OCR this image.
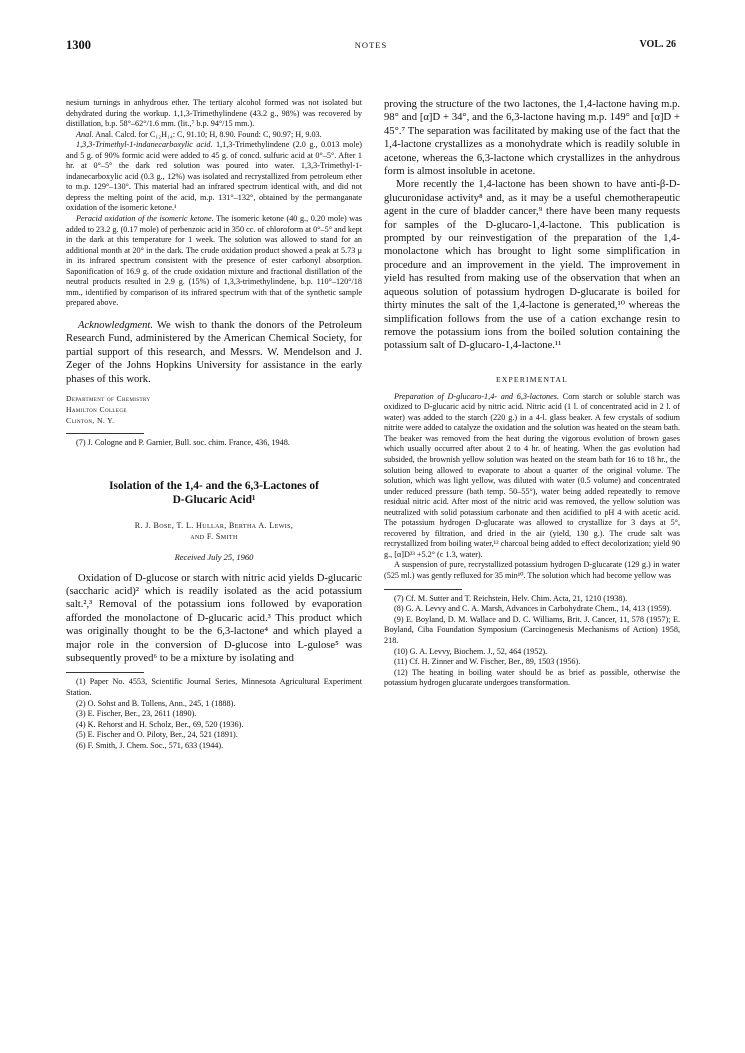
1300	NOTES	VOL. 26

nesium turnings in anhydrous ether. The tertiary alcohol formed was not isolated but dehydrated during the workup. 1,1,3-Trimethylindene (43.2 g., 98%) was recovered by distillation, b.p. 58°–62°/1.6 mm. (lit.,⁷ b.p. 94°/15 mm.).

Anal. Anal. Calcd. for C₁₂H₁₄: C, 91.10; H, 8.90. Found: C, 90.97; H, 9.03.

1,3,3-Trimethyl-1-indanecarboxylic acid. 1,1,3-Trimethylindene (2.0 g., 0.013 mole) and 5 g. of 90% formic acid were added to 45 g. of concd. sulfuric acid at 0°–5°. After 1 hr. at 0°–5° the dark red solution was poured into water. 1,3,3-Trimethyl-1-indanecarboxylic acid (0.3 g., 12%) was isolated and recrystallized from petroleum ether to m.p. 129°–130°. This material had an infrared spectrum identical with, and did not depress the melting point of the acid, m.p. 131°–132°, obtained by the permanganate oxidation of the isomeric ketone.¹

Peracid oxidation of the isomeric ketone. The isomeric ketone (40 g., 0.20 mole) was added to 23.2 g. (0.17 mole) of perbenzoic acid in 350 cc. of chloroform at 0°–5° and kept in the dark at this temperature for 1 week. The solution was allowed to stand for an additional month at 20° in the dark. The crude oxidation product showed a peak at 5.73 μ in its infrared spectrum consistent with the presence of ester carbonyl absorption. Saponification of 16.9 g. of the crude oxidation mixture and fractional distillation of the neutral products resulted in 2.9 g. (15%) of 1,3,3-trimethylindene, b.p. 110°–120°/18 mm., identified by comparison of its infrared spectrum with that of the synthetic sample prepared above.

Acknowledgment. We wish to thank the donors of the Petroleum Research Fund, administered by the American Chemical Society, for partial support of this research, and Messrs. W. Mendelson and J. Zeger of the Johns Hopkins University for assistance in the early phases of this work.

Department of Chemistry
Hamilton College
Clinton, N. Y.

(7) J. Cologne and P. Garnier, Bull. soc. chim. France, 436, 1948.

Isolation of the 1,4- and the 6,3-Lactones of
D-Glucaric Acid¹
R. J. Bose, T. L. Hullar, Bertha A. Lewis,
and F. Smith
Received July 25, 1960

Oxidation of D-glucose or starch with nitric acid yields D-glucaric (saccharic acid)² which is readily isolated as the acid potassium salt.²,³ Removal of the potassium ions followed by evaporation afforded the monolactone of D-glucaric acid.³ This product which was originally thought to be the 6,3-lactone⁴ and which played a major role in the conversion of D-glucose into L-gulose⁵ was subsequently proved⁶ to be a mixture by isolating and

(1) Paper No. 4553, Scientific Journal Series, Minnesota Agricultural Experiment Station.

(2) O. Sohst and B. Tollens, Ann., 245, 1 (1888).

(3) E. Fischer, Ber., 23, 2611 (1890).

(4) K. Rehorst and H. Scholz, Ber., 69, 520 (1936).

(5) E. Fischer and O. Piloty, Ber., 24, 521 (1891).

(6) F. Smith, J. Chem. Soc., 571, 633 (1944).

proving the structure of the two lactones, the 1,4-lactone having m.p. 98° and [α]D + 34°, and the 6,3-lactone having m.p. 149° and [α]D + 45°.⁷ The separation was facilitated by making use of the fact that the 1,4-lactone crystallizes as a monohydrate which is readily soluble in acetone, whereas the 6,3-lactone which crystallizes in the anhydrous form is almost insoluble in acetone.

More recently the 1,4-lactone has been shown to have anti-β-D-glucuronidase activity⁸ and, as it may be a useful chemotherapeutic agent in the cure of bladder cancer,⁹ there have been many requests for samples of the D-glucaro-1,4-lactone. This publication is prompted by our reinvestigation of the preparation of the 1,4-monolactone which has brought to light some simplification in procedure and an improvement in the yield. The improvement in yield has resulted from making use of the observation that when an aqueous solution of potassium hydrogen D-glucarate is boiled for thirty minutes the salt of the 1,4-lactone is generated,¹⁰ whereas the simplification follows from the use of a cation exchange resin to remove the potassium ions from the boiled solution containing the potassium salt of D-glucaro-1,4-lactone.¹¹

EXPERIMENTAL

Preparation of D-glucaro-1,4- and 6,3-lactones. Corn starch or soluble starch was oxidized to D-glucaric acid by nitric acid. Nitric acid (1 l. of concentrated acid in 2 l. of water) was added to the starch (220 g.) in a 4-l. glass beaker. A few crystals of sodium nitrite were added to catalyze the oxidation and the solution was heated on the steam bath. The beaker was removed from the heat during the vigorous evolution of brown gases which usually occurred after about 2 to 4 hr. of heating. When the gas evolution had subsided, the brownish yellow solution was heated on the steam bath for 16 to 18 hr., the solution being allowed to evaporate to about a quarter of the original volume. The solution, which was light yellow, was diluted with water (0.5 volume) and concentrated under reduced pressure (bath temp. 50–55°), water being added repeatedly to remove residual nitric acid. After most of the nitric acid was removed, the yellow solution was neutralized with solid potassium carbonate and then acidified to pH 4 with acetic acid. The potassium hydrogen D-glucarate was allowed to crystallize for 3 days at 5°, recovered by filtration, and dried in the air (yield, 130 g.). The crude salt was recrystallized from boiling water,¹² charcoal being added to effect decolorization; yield 90 g., [α]D²³ +5.2° (c 1.3, water).

A suspension of pure, recrystallized potassium hydrogen D-glucarate (129 g.) in water (525 ml.) was gently refluxed for 35 min¹⁰. The solution which had become yellow was

(7) Cf. M. Sutter and T. Reichstein, Helv. Chim. Acta, 21, 1210 (1938).

(8) G. A. Levvy and C. A. Marsh, Advances in Carbohydrate Chem., 14, 413 (1959).

(9) E. Boyland, D. M. Wallace and D. C. Williams, Brit. J. Cancer, 11, 578 (1957); E. Boyland, Ciba Foundation Symposium (Carcinogenesis Mechanisms of Action) 1958, 218.

(10) G. A. Levvy, Biochem. J., 52, 464 (1952).

(11) Cf. H. Zinner and W. Fischer, Ber., 89, 1503 (1956).

(12) The heating in boiling water should be as brief as possible, otherwise the potassium hydrogen glucarate undergoes transformation.
